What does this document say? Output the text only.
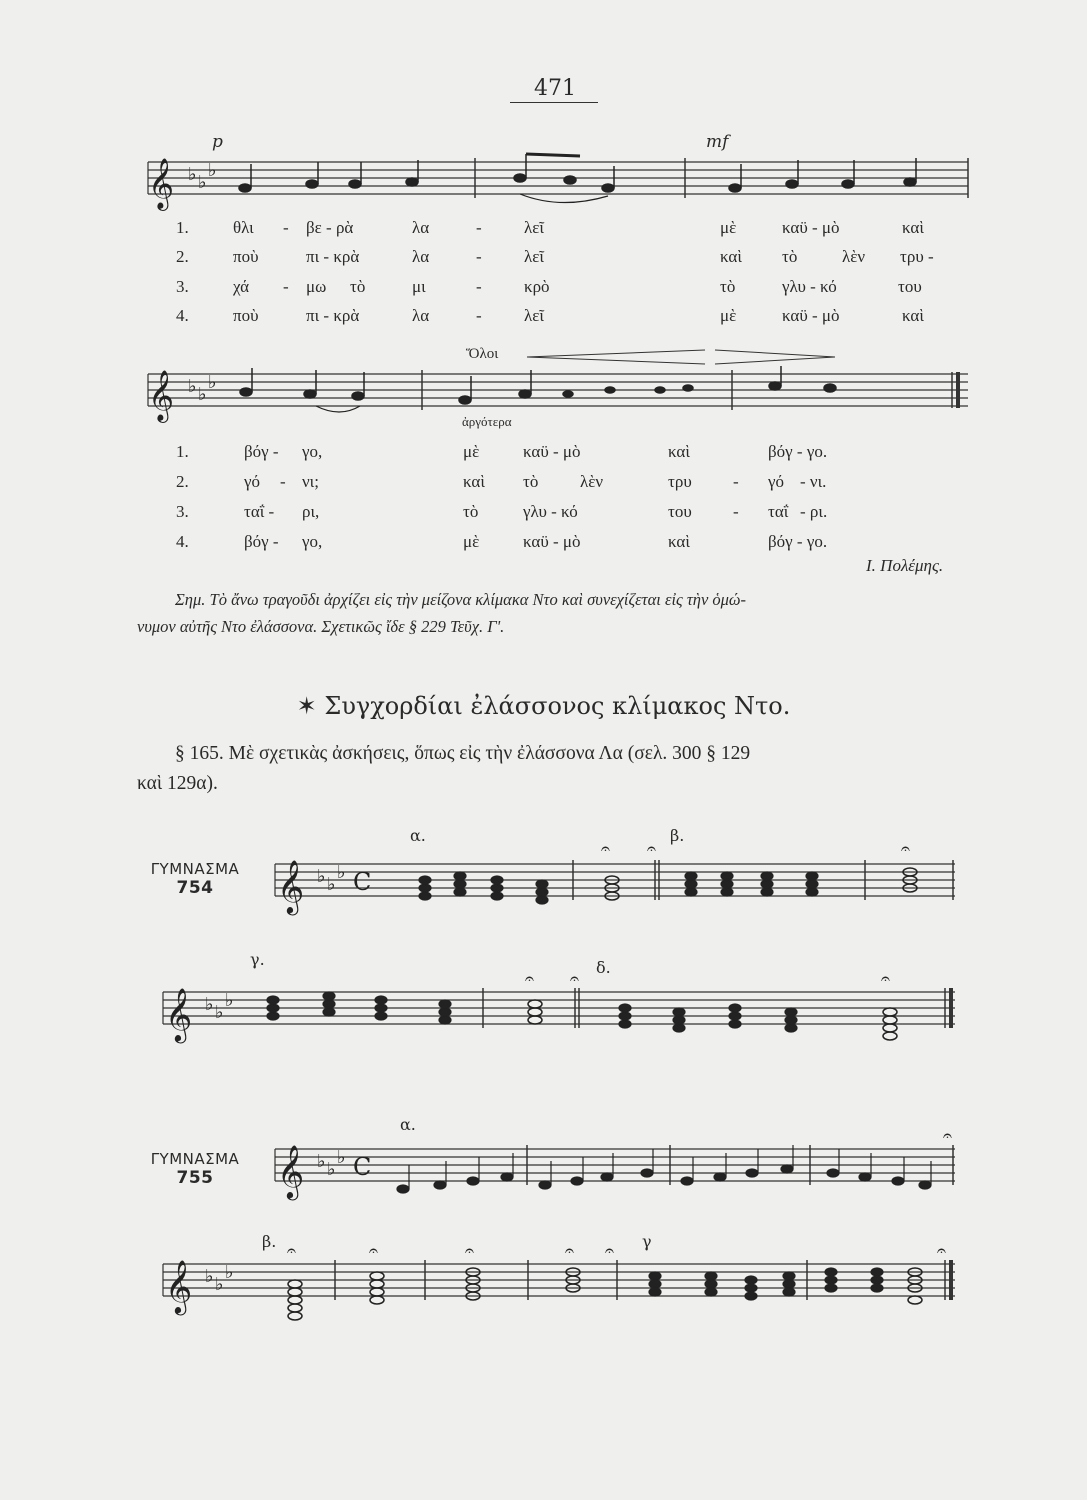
471
𝄞 ♭ ♭
♭
p	mf
1.	θλι - βε - ρὰ	λα	- λεῖ	μὲ	καϋ - μὸ	καὶ
2.	ποὺ	πι - κρὰ	λα	- λεῖ	καὶ τὸ	λὲν τρυ -
3.	χά - μω τὸ	μι	- κρὸ	τὸ	γλυ - κό	του
4.	ποὺ	πι - κρὰ	λα	- λεῖ	μὲ	καϋ - μὸ	καὶ
Ὅλοι
𝄞 ♭ ♭
♭
ἀργότερα
1.	βόγ - γο,	μὲ	καϋ - μὸ	καὶ	βόγ - γο.
2.	γό - νι;	καὶ τὸ λὲν	τρυ - γό - νι.
3.	ταΐ - ρι,	τὸ	γλυ - κό	του - ταΐ - ρι.
4.	βόγ - γο,	μὲ	καϋ - μὸ	καὶ	βόγ - γο.
Ι. Πολέμης.
Σημ. Τὸ ἄνω τραγοῦδι ἀρχίζει εἰς τὴν μείζονα κλίμακα Ντο καὶ συνεχίζεται εἰς τὴν ὁμώ-
νυμον αὐτῆς Ντο ἐλάσσονα. Σχετικῶς ἴδε § 229 Τεῦχ. Γ'.
✶ Συγχορδίαι ἐλάσσονος κλίμακος Ντο.
§ 165. Μὲ σχετικὰς ἀσκήσεις, ὅπως εἰς τὴν ἐλάσσονα Λα (σελ. 300 § 129
καὶ 129α).
ΓΥΜΝΑΣΜΑ
754
α.	β.
𝄞 ♭ ♭
♭ C
𝄐 𝄐	𝄐
γ.	δ.
𝄞 ♭ ♭
♭
𝄐 𝄐	𝄐
ΓΥΜΝΑΣΜΑ
755
α.
𝄞 ♭ ♭
♭ C
𝄐
β.	γ
𝄞 ♭ ♭
♭
𝄐	𝄐	𝄐	𝄐 𝄐	𝄐
